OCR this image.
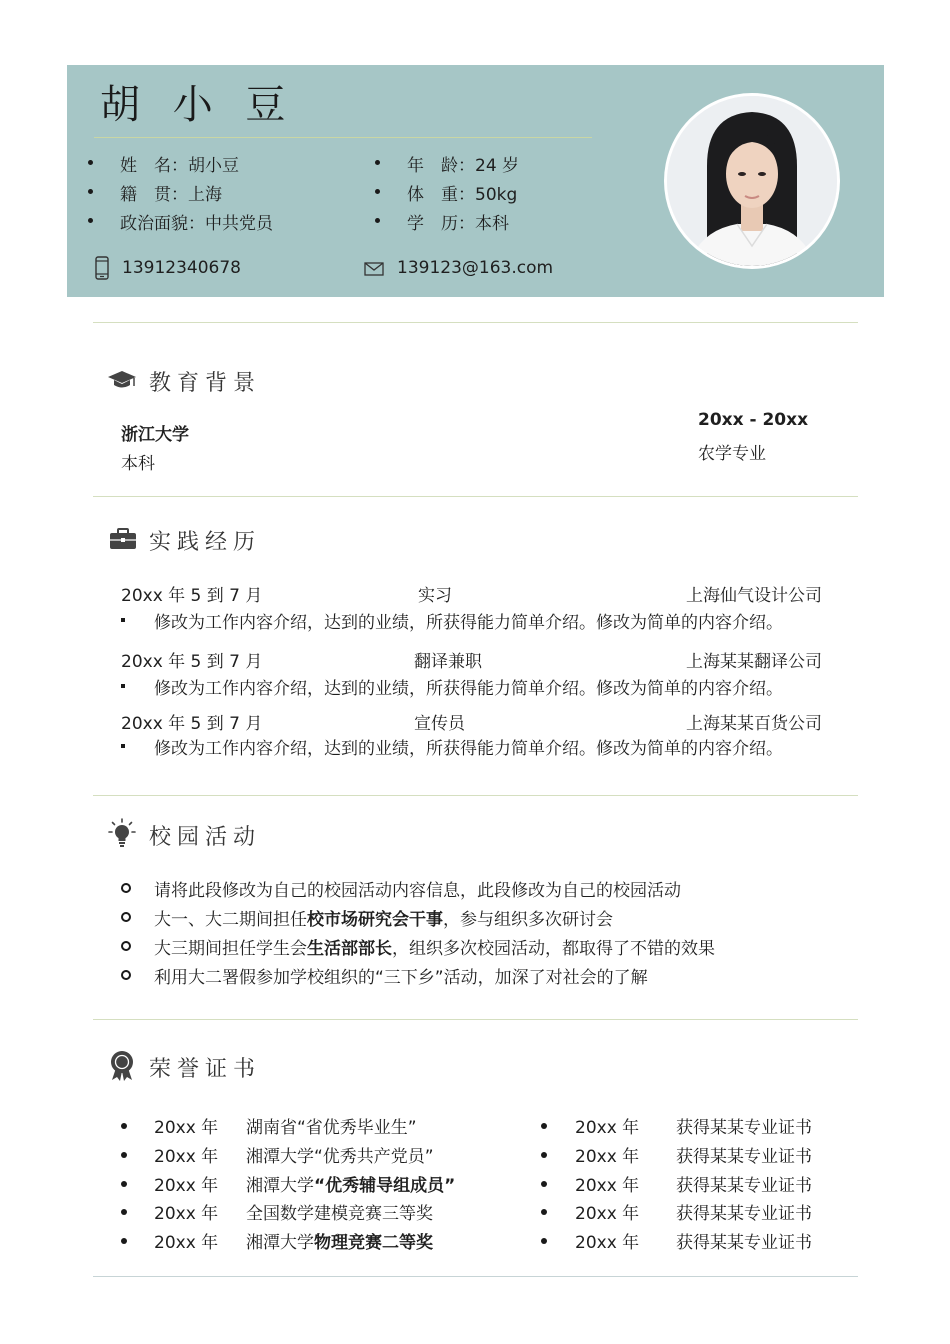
胡 小 豆
姓　名：胡小豆
籍　贯：上海
政治面貌：中共党员
年　龄：24 岁
体　重：50kg
学　历：本科
13912340678	139123@163.com
教育背景
浙江大学
本科
20xx - 20xx
农学专业
实践经历
20xx 年 5 到 7 月	实习	上海仙气设计公司
修改为工作内容介绍，达到的业绩，所获得能力简单介绍。修改为简单的内容介绍。
20xx 年 5 到 7 月	翻译兼职	上海某某翻译公司
修改为工作内容介绍，达到的业绩，所获得能力简单介绍。修改为简单的内容介绍。
20xx 年 5 到 7 月	宣传员	上海某某百货公司
修改为工作内容介绍，达到的业绩，所获得能力简单介绍。修改为简单的内容介绍。
校园活动
请将此段修改为自己的校园活动内容信息，此段修改为自己的校园活动
大一、大二期间担任校市场研究会干事，参与组织多次研讨会
大三期间担任学生会生活部部长，组织多次校园活动，都取得了不错的效果
利用大二署假参加学校组织的“三下乡”活动，加深了对社会的了解
荣誉证书
20xx 年 湖南省“省优秀毕业生”
20xx 年 湘潭大学“优秀共产党员”
20xx 年 湘潭大学“优秀辅导组成员”
20xx 年 全国数学建模竞赛三等奖
20xx 年 湘潭大学物理竞赛二等奖
20xx 年 获得某某专业证书
20xx 年 获得某某专业证书
20xx 年 获得某某专业证书
20xx 年 获得某某专业证书
20xx 年 获得某某专业证书
